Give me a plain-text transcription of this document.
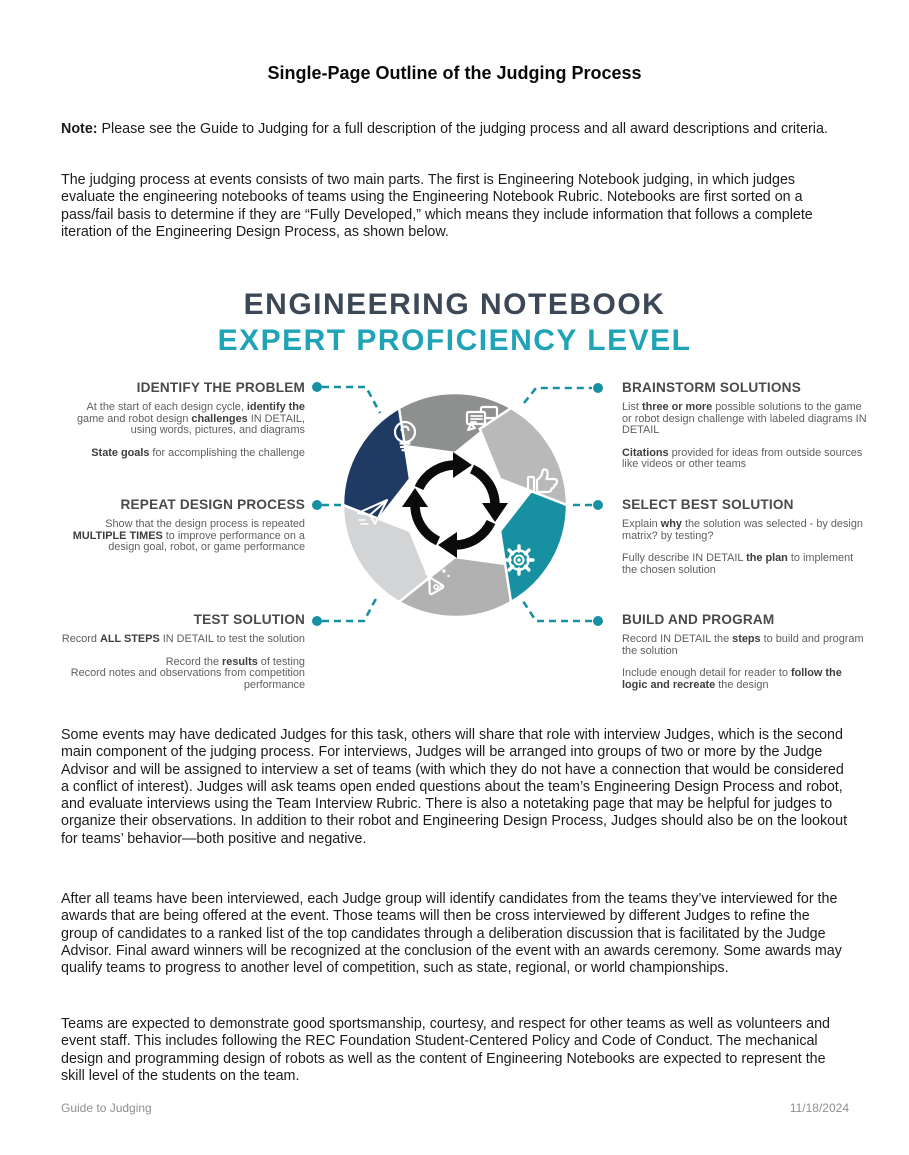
Single-Page Outline of the Judging Process
Note: Please see the Guide to Judging for a full description of the judging process and all award descriptions and criteria.
The judging process at events consists of two main parts. The first is Engineering Notebook judging, in which judges evaluate the engineering notebooks of teams using the Engineering Notebook Rubric. Notebooks are first sorted on a pass/fail basis to determine if they are “Fully Developed,” which means they include information that follows a complete iteration of the Engineering Design Process, as shown below.
ENGINEERING NOTEBOOK
EXPERT PROFICIENCY LEVEL
IDENTIFY THE PROBLEM
At the start of each design cycle, identify the game and robot design challenges IN DETAIL, using words, pictures, and diagrams
State goals for accomplishing the challenge
BRAINSTORM SOLUTIONS
List three or more possible solutions to the game or robot design challenge with labeled diagrams IN DETAIL
Citations provided for ideas from outside sources like videos or other teams
REPEAT DESIGN PROCESS
Show that the design process is repeated MULTIPLE TIMES to improve performance on a design goal, robot, or game performance
SELECT BEST SOLUTION
Explain why the solution was selected - by design matrix? by testing?
Fully describe IN DETAIL the plan to implement the chosen solution
TEST SOLUTION
Record ALL STEPS IN DETAIL to test the solution
Record the results of testing
Record notes and observations from competition performance
BUILD AND PROGRAM
Record IN DETAIL the steps to build and program the solution
Include enough detail for reader to follow the logic and recreate the design
Some events may have dedicated Judges for this task, others will share that role with interview Judges, which is the second main component of the judging process. For interviews, Judges will be arranged into groups of two or more by the Judge Advisor and will be assigned to interview a set of teams (with which they do not have a connection that would be considered a conflict of interest). Judges will ask teams open ended questions about the team’s Engineering Design Process and robot, and evaluate interviews using the Team Interview Rubric. There is also a notetaking page that may be helpful for judges to organize their observations. In addition to their robot and Engineering Design Process, Judges should also be on the lookout for teams’ behavior—both positive and negative.
After all teams have been interviewed, each Judge group will identify candidates from the teams they’ve interviewed for the awards that are being offered at the event. Those teams will then be cross interviewed by different Judges to refine the group of candidates to a ranked list of the top candidates through a deliberation discussion that is facilitated by the Judge Advisor. Final award winners will be recognized at the conclusion of the event with an awards ceremony. Some awards may qualify teams to progress to another level of competition, such as state, regional, or world championships.
Teams are expected to demonstrate good sportsmanship, courtesy, and respect for other teams as well as volunteers and event staff. This includes following the REC Foundation Student-Centered Policy and Code of Conduct. The mechanical design and programming design of robots as well as the content of Engineering Notebooks are expected to represent the skill level of the students on the team.
Guide to Judging	11/18/2024
